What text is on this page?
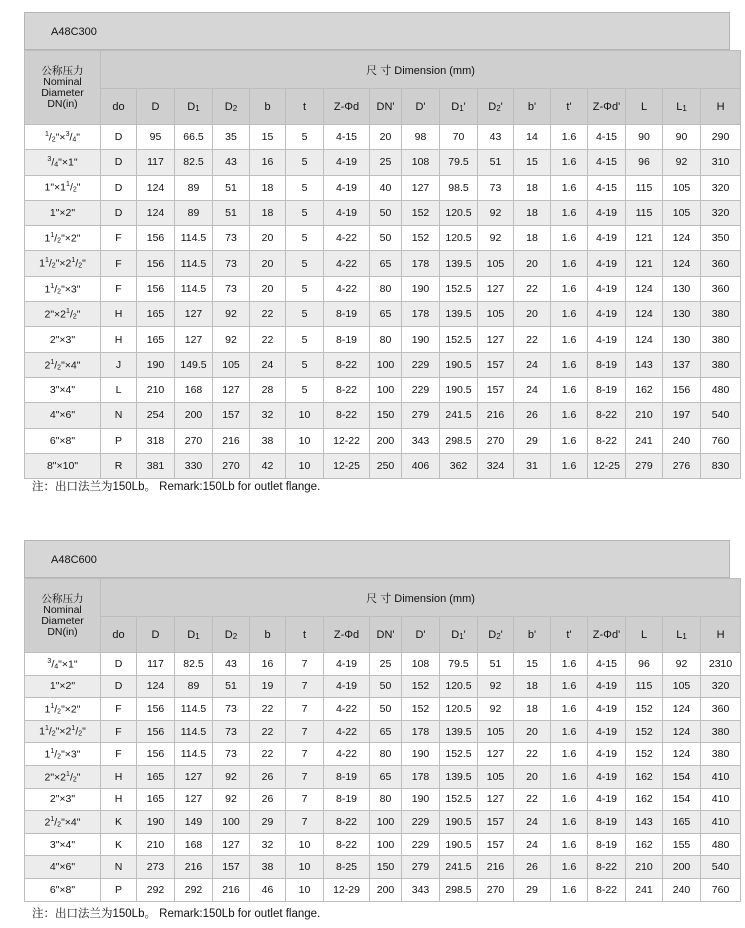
A48C300
公称压力
Nominal
Diameter
DN(in)	尺 寸 Dimension (mm)																
	do	D	$D_1$	$D_2$	b	t	Z-Φd	DN'	D'	$D_1'$	$D_2'$	b'	t'	Z-Φd'	L	$L_1$	H
$^1/_2"\times^3/_4$"	D	95	66.5	35	15	5	4-15	20	98	70	43	14	1.6	4-15	90	90	290
$^3/_4"\times 1$"	D	117	82.5	43	16	5	4-19	25	108	79.5	51	15	1.6	4-15	96	92	310
$1"\times 1^1/_2$"	D	124	89	51	18	5	4-19	40	127	98.5	73	18	1.6	4-15	115	105	320
1"×2"	D	124	89	51	18	5	4-19	50	152	120.5	92	18	1.6	4-19	115	105	320
$1^1/_2"\times 2$"	F	156	114.5	73	20	5	4-22	50	152	120.5	92	18	1.6	4-19	121	124	350
$1^1/_2"\times 2^1/_2$"	F	156	114.5	73	20	5	4-22	65	178	139.5	105	20	1.6	4-19	121	124	360
$1^1/_2"\times 3$"	F	156	114.5	73	20	5	4-22	80	190	152.5	127	22	1.6	4-19	124	130	360
$2"\times 2^1/_2$"	H	165	127	92	22	5	8-19	65	178	139.5	105	20	1.6	4-19	124	130	380
2"×3"	H	165	127	92	22	5	8-19	80	190	152.5	127	22	1.6	4-19	124	130	380
$2^1/_2"\times 4$"	J	190	149.5	105	24	5	8-22	100	229	190.5	157	24	1.6	8-19	143	137	380
3"×4"	L	210	168	127	28	5	8-22	100	229	190.5	157	24	1.6	8-19	162	156	480
4"×6"	N	254	200	157	32	10	8-22	150	279	241.5	216	26	1.6	8-22	210	197	540
6"×8"	P	318	270	216	38	10	12-22	200	343	298.5	270	29	1.6	8-22	241	240	760
8"×10"	R	381	330	270	42	10	12-25	250	406	362	324	31	1.6	12-25	279	276	830
注：出口法兰为150Lb。 Remark:150Lb for outlet flange.
A48C600
公称压力
Nominal
Diameter
DN(in)	尺 寸 Dimension (mm)																
	do	D	$D_1$	$D_2$	b	t	Z-Φd	DN'	D'	$D_1'$	$D_2'$	b'	t'	Z-Φd'	L	$L_1$	H
$^3/_4"\times 1$"	D	117	82.5	43	16	7	4-19	25	108	79.5	51	15	1.6	4-15	96	92	2310
1"×2"	D	124	89	51	19	7	4-19	50	152	120.5	92	18	1.6	4-19	115	105	320
$1^1/_2"\times 2$"	F	156	114.5	73	22	7	4-22	50	152	120.5	92	18	1.6	4-19	152	124	360
$1^1/_2"\times 2^1/_2$"	F	156	114.5	73	22	7	4-22	65	178	139.5	105	20	1.6	4-19	152	124	380
$1^1/_2"\times 3$"	F	156	114.5	73	22	7	4-22	80	190	152.5	127	22	1.6	4-19	152	124	380
$2"\times 2^1/_2$"	H	165	127	92	26	7	8-19	65	178	139.5	105	20	1.6	4-19	162	154	410
2"×3"	H	165	127	92	26	7	8-19	80	190	152.5	127	22	1.6	4-19	162	154	410
$2^1/_2"\times 4$"	K	190	149	100	29	7	8-22	100	229	190.5	157	24	1.6	8-19	143	165	410
3"×4"	K	210	168	127	32	10	8-22	100	229	190.5	157	24	1.6	8-19	162	155	480
4"×6"	N	273	216	157	38	10	8-25	150	279	241.5	216	26	1.6	8-22	210	200	540
6"×8"	P	292	292	216	46	10	12-29	200	343	298.5	270	29	1.6	8-22	241	240	760
注：出口法兰为150Lb。 Remark:150Lb for outlet flange.
